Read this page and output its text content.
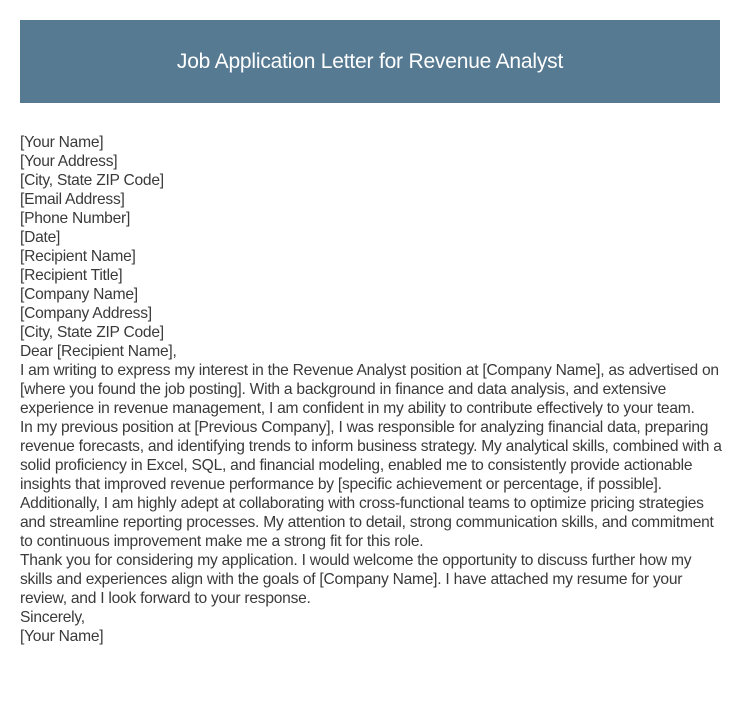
Job Application Letter for Revenue Analyst

[Your Name]

[Your Address]

[City, State ZIP Code]

[Email Address]

[Phone Number]

[Date]

[Recipient Name]

[Recipient Title]

[Company Name]

[Company Address]

[City, State ZIP Code]

Dear [Recipient Name],

I am writing to express my interest in the Revenue Analyst position at [Company Name], as advertised on [where you found the job posting]. With a background in finance and data analysis, and extensive experience in revenue management, I am confident in my ability to contribute effectively to your team.

In my previous position at [Previous Company], I was responsible for analyzing financial data, preparing revenue forecasts, and identifying trends to inform business strategy. My analytical skills, combined with a solid proficiency in Excel, SQL, and financial modeling, enabled me to consistently provide actionable insights that improved revenue performance by [specific achievement or percentage, if possible].

Additionally, I am highly adept at collaborating with cross-functional teams to optimize pricing strategies and streamline reporting processes. My attention to detail, strong communication skills, and commitment to continuous improvement make me a strong fit for this role.

Thank you for considering my application. I would welcome the opportunity to discuss further how my skills and experiences align with the goals of [Company Name]. I have attached my resume for your review, and I look forward to your response.

Sincerely,

[Your Name]
